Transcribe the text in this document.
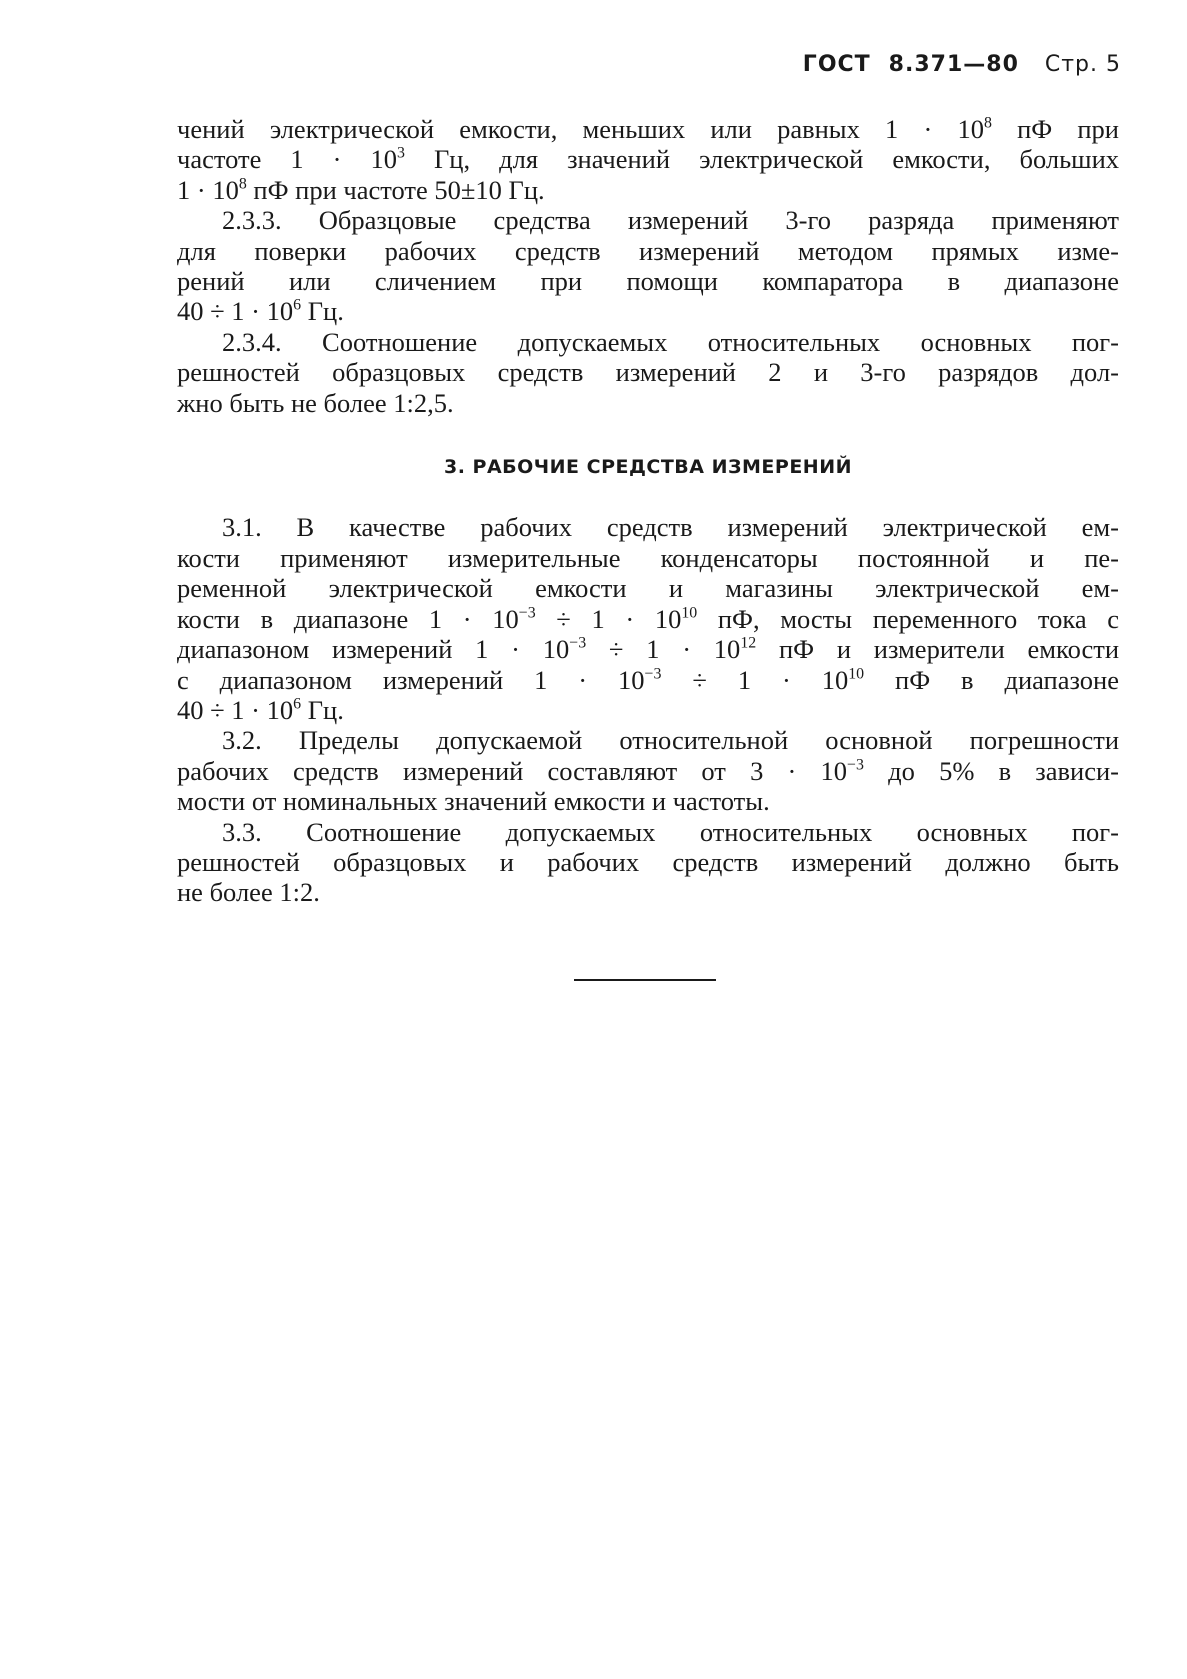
ГОСТ 8.371—80 Стр. 5
чений электрической емкости, меньших или равных $1 \cdot 10^8$ пФ при
частоте $1 \cdot 10^3$ Гц, для значений электрической емкости, больших
$1 \cdot 10^8$ пФ при частоте 50±10 Гц.
2.3.3. Образцовые средства измерений 3-го разряда применяют
для поверки рабочих средств измерений методом прямых изме-
рений или сличением при помощи компаратора в диапазоне
$40 \div 1 \cdot 10^6$ Гц.
2.3.4. Соотношение допускаемых относительных основных пог-
решностей образцовых средств измерений 2 и 3-го разрядов дол-
жно быть не более 1:2,5.
3. РАБОЧИЕ СРЕДСТВА ИЗМЕРЕНИЙ
3.1. В качестве рабочих средств измерений электрической ем-
кости применяют измерительные конденсаторы постоянной и пе-
ременной электрической емкости и магазины электрической ем-
кости в диапазоне $1 \cdot 10^{-3} \div 1 \cdot 10^{10}$ пФ, мосты переменного тока с
диапазоном измерений $1 \cdot 10^{-3} \div 1 \cdot 10^{12}$ пФ и измерители емкости
с диапазоном измерений $1 \cdot 10^{-3} \div 1 \cdot 10^{10}$ пФ в диапазоне
$40 \div 1 \cdot 10^6$ Гц.
3.2. Пределы допускаемой относительной основной погрешности
рабочих средств измерений составляют от $3 \cdot 10^{-3}$ до 5% в зависи-
мости от номинальных значений емкости и частоты.
3.3. Соотношение допускаемых относительных основных пог-
решностей образцовых и рабочих средств измерений должно быть
не более 1:2.
